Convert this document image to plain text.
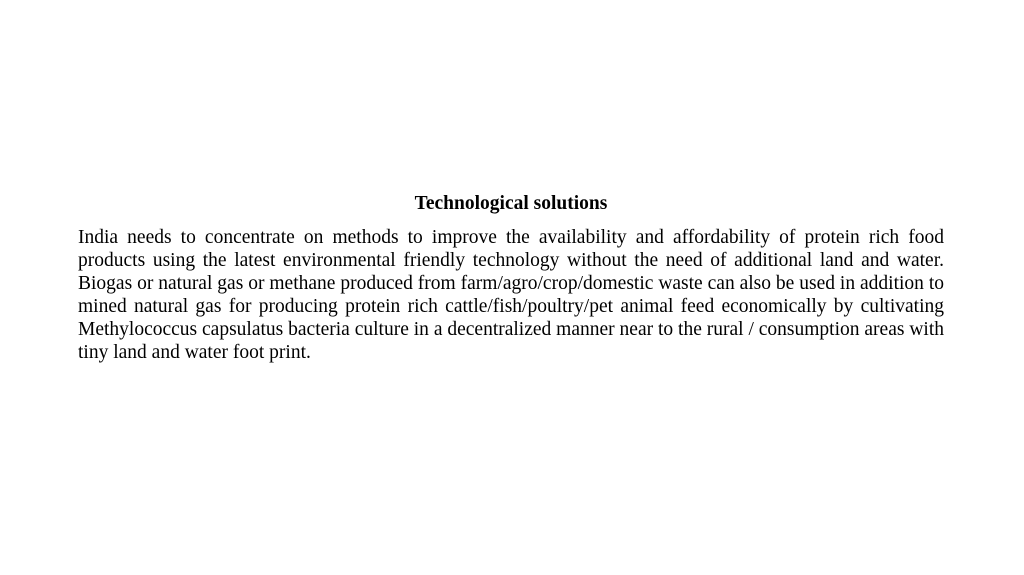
Technological solutions

India needs to concentrate on methods to improve the availability and affordability of protein rich food products using the latest environmental friendly technology without the need of additional land and water. Biogas or natural gas or methane produced from farm/agro/crop/domestic waste can also be used in addition to mined natural gas for producing protein rich cattle/fish/poultry/pet animal feed economically by cultivating Methylococcus capsulatus bacteria culture in a decentralized manner near to the rural / consumption areas with tiny land and water foot print.
